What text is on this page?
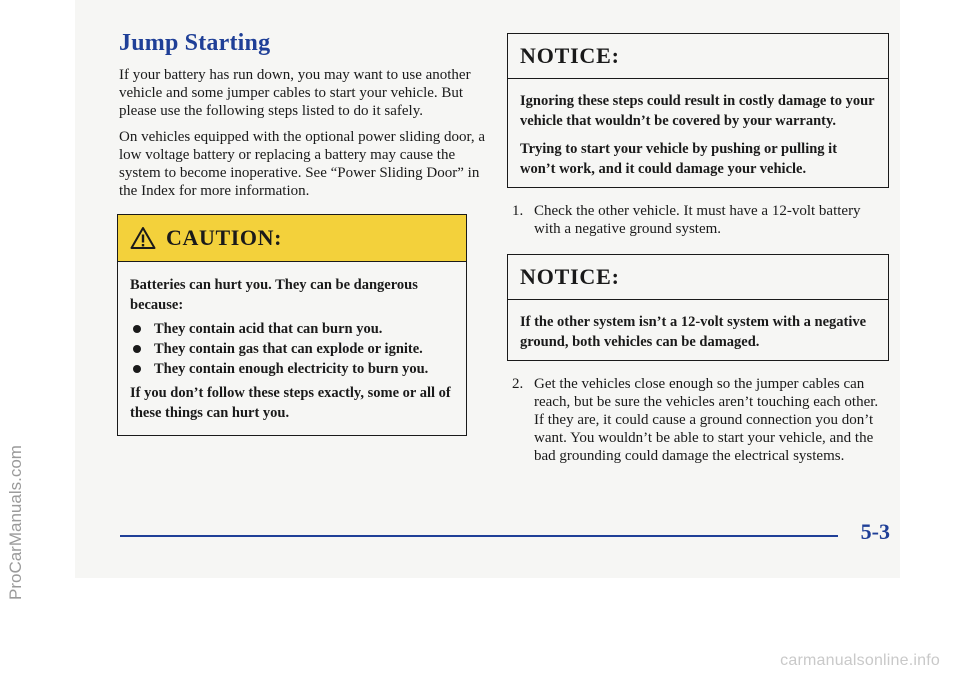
ProCarManuals.com
Jump Starting

If your battery has run down, you may want to use another vehicle and some jumper cables to start your vehicle. But please use the following steps listed to do it safely.

On vehicles equipped with the optional power sliding door, a low voltage battery or replacing a battery may cause the system to become inoperative. See “Power Sliding Door” in the Index for more information.

CAUTION:

Batteries can hurt you. They can be dangerous because:

They contain acid that can burn you.
They contain gas that can explode or ignite.
They contain enough electricity to burn you.

If you don’t follow these steps exactly, some or all of these things can hurt you.

NOTICE:

Ignoring these steps could result in costly damage to your vehicle that wouldn’t be covered by your warranty.

Trying to start your vehicle by pushing or pulling it won’t work, and it could damage your vehicle.

1. Check the other vehicle. It must have a 12-volt battery with a negative ground system.
NOTICE:

If the other system isn’t a 12-volt system with a negative ground, both vehicles can be damaged.

2. Get the vehicles close enough so the jumper cables can reach, but be sure the vehicles aren’t touching each other. If they are, it could cause a ground connection you don’t want. You wouldn’t be able to start your vehicle, and the bad grounding could damage the electrical systems.
5-3
carmanualsonline.info
